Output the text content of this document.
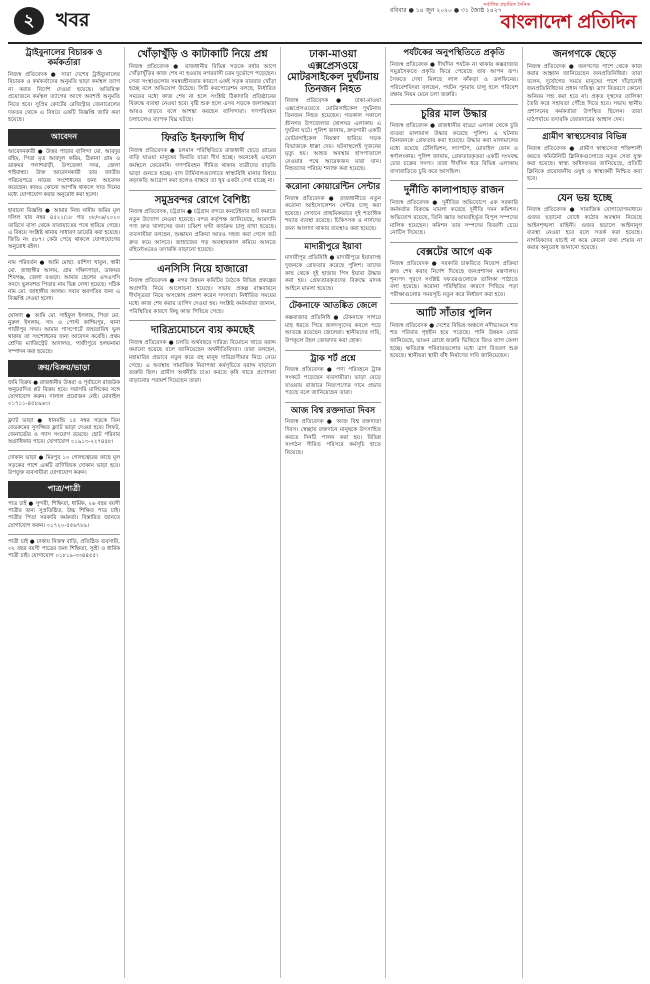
২	খবর	রবিবার ● ১৪ জুন ২০২০ ● ৩১ জ্যৈষ্ঠ ১৪২৭
সর্বাধিক প্রচারিত দৈনিক
বাংলাদেশ প্রতিদিন
ট্রাইবুনালের বিচারক ও কর্মকর্তারা

নিজস্ব প্রতিবেদক ● সারা দেশের ট্রাইব্যুনালের বিচারক ও কর্মকর্তাদের অনুমতি ছাড়া কর্মস্থল ত্যাগ না করার নির্দেশ দেওয়া হয়েছে। অতিরিক্ত প্রয়োজনে কর্মস্থল ত্যাগের আগে অবশ্যই অনুমতি নিতে হবে। সুপ্রিম কোর্টের রেজিস্ট্রার জেনারেলের দফতর থেকে এ বিষয়ে একটি বিজ্ঞপ্তি জারি করা হয়েছে।

আবেদন

আবেদনকারী ● উত্তর পাড়ার বাসিন্দা মো. আবদুর রহিম, পিতা মৃত আবদুল করিম, ঠিকানা গ্রাম ও ডাকঘর পলাশবাড়ী, উপজেলা সদর, জেলা গাইবান্ধা। উক্ত আবেদনকারী তার জাতীয় পরিচয়পত্রে নামের সংশোধনের জন্য আবেদন করেছেন। কারও কোনো আপত্তি থাকলে সাত দিনের মধ্যে যোগাযোগ করার অনুরোধ করা হলো।

হারানো বিজ্ঞপ্তি ● আমার নিজ নামীয় জমির মূল দলিল যার নম্বর ৪৫২১/১৮ গত ০৮/০৬/২০২০ তারিখে বাসা থেকে যাতায়াতের পথে হারিয়ে গেছে। এ বিষয়ে সংশ্লিষ্ট থানায় সাধারণ ডায়েরি করা হয়েছে। জিডি নং ৫৮৭। কেউ পেয়ে থাকলে যোগাযোগের অনুরোধ রইল।

নাম পরিবর্তন ● আমি মোছা. রাশিদা খাতুন, স্বামী মো. জাহাঙ্গীর আলম, গ্রাম দক্ষিণপাড়া, ডাকঘর শিবগঞ্জ, জেলা বগুড়া। আমার ছেলের এসএসসি সনদে ভুলবশত পিতার নাম ভিন্ন লেখা হয়েছে। সঠিক নাম মো. জাহাঙ্গীর আলম। সবার অবগতির জন্য এ বিজ্ঞপ্তি দেওয়া হলো।

ঘোষণা ● আমি মো. সাইফুল ইসলাম, পিতা মো. নুরুল ইসলাম, সাং ও পোস্ট কাশিমপুর, থানা গাজীপুর সদর। আমার পাসপোর্টে জন্মতারিখ ভুল থাকায় তা সংশোধনের জন্য আবেদন করেছি। প্রথম শ্রেণির ম্যাজিস্ট্রেট আদালত, গাজীপুরে হলফনামা সম্পাদন করা হয়েছে।

ক্রয়/বিক্রয়/ভাড়া

জমি বিক্রয় ● রাজধানীর উত্তরা ও পূর্বাচলে রাজউক অনুমোদিত প্লট বিক্রয় হবে। সরাসরি মালিকের সঙ্গে যোগাযোগ করুন। দালাল প্রয়োজন নেই। মোবাইল ০১৭১১-৪৫৮৯৬৩।

ফ্ল্যাট ভাড়া ● ধানমন্ডি ১৫ নম্বর সড়কে তিন বেডরুমের সুসজ্জিত ফ্ল্যাট ভাড়া দেওয়া হবে। লিফট, জেনারেটর ও গ্যাস সংযোগ রয়েছে। ছোট পরিবার অগ্রাধিকার পাবে। যোগাযোগ ০১৯১৩-২২৭৪৫৮।

দোকান ভাড়া ● মিরপুর ১০ গোলচত্বরের কাছে মূল সড়কের পাশে একটি বাণিজ্যিক দোকান ভাড়া হবে। উপযুক্ত ব্যবসায়ীরা যোগাযোগ করুন।

পাত্র/পাত্রী

পাত্র চাই ● সুন্দরী, শিক্ষিতা, ধার্মিক, ২৬ বছর বয়সী পাত্রীর জন্য সুপ্রতিষ্ঠিত, উচ্চ শিক্ষিত পাত্র চাই। পাত্রীর পিতা সরকারি কর্মকর্তা। বিস্তারিত জানতে যোগাযোগ করুন। ০১৭২০-৫৫৬৭৮৯।

পাত্রী চাই ● ঢাকায় নিজস্ব বাড়ি, প্রতিষ্ঠিত ব্যবসায়ী, ৩২ বছর বয়সী পাত্রের জন্য শিক্ষিতা, সুশ্রী ও ধার্মিক পাত্রী চাই। যোগাযোগ ০১৮১৯-৩৩৪৪৫৫।

খোঁড়াখুঁড়ি ও কাটাকাটি নিয়ে প্রশ্ন

নিজস্ব প্রতিবেদক ● রাজধানীর বিভিন্ন সড়কে বর্ষার আগে খোঁড়াখুঁড়ির কাজ শেষ না হওয়ায় নগরবাসী চরম দুর্ভোগে পড়েছেন। সেবা সংস্থাগুলোর সমন্বয়হীনতার কারণে একই সড়ক বারবার খোঁড়া হচ্ছে বলে অভিযোগ উঠেছে। সিটি করপোরেশন বলছে, নির্ধারিত সময়ের মধ্যে কাজ শেষ না হলে সংশ্লিষ্ট ঠিকাদারি প্রতিষ্ঠানের বিরুদ্ধে ব্যবস্থা নেওয়া হবে। বৃষ্টি শুরু হলে এসব সড়কে জলাবদ্ধতা আরও বাড়বে বলে আশঙ্কা করছেন বাসিন্দারা। গণপরিবহন চলাচলেও ব্যাপক বিঘ্ন ঘটছে।

ফিরতি ইনফ্যান্সি দীর্ঘ

নিজস্ব প্রতিবেদক ● চলমান পরিস্থিতিতে রাজধানী ছেড়ে গ্রামের বাড়ি যাওয়া মানুষের ফিরতি যাত্রা দীর্ঘ হচ্ছে। অনেকেই এখনো কর্মস্থলে ফেরেননি। গণপরিবহন সীমিত থাকায় যাত্রীদের বাড়তি ভাড়া গুনতে হচ্ছে। বাস টার্মিনালগুলোতে স্বাস্থ্যবিধি মানার বিষয়ে কড়াকড়ি আরোপ করা হলেও বাস্তবে তা খুব একটা দেখা যাচ্ছে না।

সমুদ্রবন্দর রোগে বৈশিষ্ট্য

নিজস্ব প্রতিবেদক, চট্টগ্রাম ● চট্টগ্রাম বন্দরে কনটেইনার জট কমাতে নতুন উদ্যোগ নেওয়া হয়েছে। বন্দর কর্তৃপক্ষ জানিয়েছে, আমদানি পণ্য দ্রুত খালাসের জন্য চব্বিশ ঘণ্টা কার্যক্রম চালু রাখা হয়েছে। ব্যবসায়ীরা বলছেন, শুল্কায়ন প্রক্রিয়া আরও সহজ করা গেলে জট দ্রুত কমে আসবে। জাহাজের গড় অবস্থানকাল কমিয়ে আনতে বহির্নোঙরেও তদারকি বাড়ানো হয়েছে।

এনসিসি নিয়ে হাজারো

নিজস্ব প্রতিবেদক ● নগর উন্নয়ন কমিটির বৈঠকে বিভিন্ন প্রকল্পের অগ্রগতি নিয়ে আলোচনা হয়েছে। সভায় প্রকল্প বাস্তবায়নে দীর্ঘসূত্রতা নিয়ে অসন্তোষ প্রকাশ করেন সদস্যরা। নির্ধারিত সময়ের মধ্যে কাজ শেষ করার তাগিদ দেওয়া হয়। সংশ্লিষ্ট কর্মকর্তারা জানান, পরিস্থিতির কারণে কিছু কাজ পিছিয়ে গেছে।

দারিদ্র্যমোচনে ব্যয় কমছেই

নিজস্ব প্রতিবেদক ● চলতি অর্থবছরে দারিদ্র্য বিমোচন খাতে বরাদ্দ কমানো হয়েছে বলে জানিয়েছেন অর্থনীতিবিদরা। তারা বলছেন, মহামারির প্রভাবে নতুন করে বহু মানুষ দারিদ্র্যসীমার নিচে নেমে গেছে। এ অবস্থায় সামাজিক নিরাপত্তা কর্মসূচিতে বরাদ্দ বাড়ানো জরুরি ছিল। গ্রামীণ অর্থনীতি চাঙা করতে কৃষি খাতে প্রণোদনা বাড়ানোর পরামর্শ দিয়েছেন তারা।

ঢাকা-মাওয়া এক্সপ্রেসওয়ে মোটরসাইকেল দুর্ঘটনায় তিনজন নিহত

নিজস্ব প্রতিবেদক ● ঢাকা-মাওয়া এক্সপ্রেসওয়েতে মোটরসাইকেল দুর্ঘটনায় তিনজন নিহত হয়েছেন। গতকাল সকালে শ্রীনগর উপজেলার ষোলঘর এলাকায় এ দুর্ঘটনা ঘটে। পুলিশ জানায়, দ্রুতগামী একটি মোটরসাইকেল নিয়ন্ত্রণ হারিয়ে সড়ক বিভাজকে ধাক্কা দেয়। ঘটনাস্থলেই দুজনের মৃত্যু হয়। আহত অবস্থায় হাসপাতালে নেওয়ার পথে আরেকজন মারা যান। নিহতদের পরিচয় শনাক্ত করা হয়েছে।

করোনা কোয়ারেন্টিন সেন্টার

নিজস্ব প্রতিবেদক ● রাজধানীতে নতুন করোনা আইসোলেশন সেন্টার চালু করা হয়েছে। সেখানে প্রাথমিকভাবে দুই শতাধিক শয্যার ব্যবস্থা রয়েছে। চিকিৎসক ও নার্সদের জন্য আলাদা থাকার ব্যবস্থাও করা হয়েছে।

মাদারীপুরে ইয়াবা

মাদারীপুর প্রতিনিধি ● মাদারীপুরে ইয়াবাসহ দুজনকে গ্রেফতার করেছে পুলিশ। তাদের কাছ থেকে দুই হাজার পিস ইয়াবা উদ্ধার করা হয়। গ্রেফতারকৃতদের বিরুদ্ধে মাদক আইনে মামলা হয়েছে।

টেকনাফে আতঙ্কিত জেলে

কক্সবাজার প্রতিনিধি ● টেকনাফে সাগরে মাছ ধরতে গিয়ে জলদস্যুদের কবলে পড়ে আতঙ্কে রয়েছেন জেলেরা। স্থানীয়দের দাবি, উপকূলে টহল জোরদার করা হোক।

ট্রাক শর্ট প্রশ্নে

নিজস্ব প্রতিবেদক ● পণ্য পরিবহনে ট্রাক সংকটে পড়েছেন ব্যবসায়ীরা। ভাড়া বেড়ে যাওয়ায় বাজারে নিত্যপণ্যের দামে প্রভাব পড়ছে বলে জানিয়েছেন তারা।

আজ বিশ্ব রক্তদাতা দিবস

নিজস্ব প্রতিবেদক ● আজ বিশ্ব রক্তদাতা দিবস। স্বেচ্ছায় রক্তদানে মানুষকে উৎসাহিত করতে দিনটি পালন করা হয়। বিভিন্ন সংগঠন সীমিত পরিসরে কর্মসূচি হাতে নিয়েছে।

পর্যটকের অনুপস্থিতিতে প্রকৃতি

নিজস্ব প্রতিবেদক ● দীর্ঘদিন পর্যটক না থাকায় কক্সবাজার সমুদ্রসৈকতে প্রকৃতি ফিরে পেয়েছে তার আপন রূপ। সৈকতে দেখা মিলছে লাল কাঁকড়া ও ডলফিনের। পরিবেশবিদরা বলছেন, পর্যটন পুনরায় চালু হলে পরিবেশ রক্ষায় নিয়ম মেনে চলা জরুরি।

চুরির মাল উদ্ধার

নিজস্ব প্রতিবেদক ● রাজধানীর বাড্ডা এলাকা থেকে চুরি যাওয়া মালামাল উদ্ধার করেছে পুলিশ। এ ঘটনায় তিনজনকে গ্রেফতার করা হয়েছে। উদ্ধার করা মালামালের মধ্যে রয়েছে টেলিভিশন, ল্যাপটপ, মোবাইল ফোন ও স্বর্ণালংকার। পুলিশ জানায়, গ্রেফতারকৃতরা একটি সংঘবদ্ধ চোর চক্রের সদস্য। তারা দীর্ঘদিন ধরে বিভিন্ন এলাকায় বাসাবাড়িতে চুরি করে আসছিল।

দুর্নীতি কালাপাহাড় রাজন

নিজস্ব প্রতিবেদক ● দুর্নীতির অভিযোগে এক সরকারি কর্মকর্তার বিরুদ্ধে মামলা করেছে দুর্নীতি দমন কমিশন। অভিযোগ রয়েছে, তিনি জ্ঞাত আয়বহির্ভূত বিপুল সম্পদের মালিক হয়েছেন। কমিশন তার সম্পদের বিবরণী চেয়ে নোটিস দিয়েছে।

বেক্সটের আগে এক

নিজস্ব প্রতিবেদক ● সরকারি চাকরিতে নিয়োগ প্রক্রিয়া দ্রুত শেষ করার নির্দেশ দিয়েছে জনপ্রশাসন মন্ত্রণালয়। শূন্যপদ পূরণে সংশ্লিষ্ট দফতরগুলোকে তালিকা পাঠাতে বলা হয়েছে। করোনা পরিস্থিতির কারণে পিছিয়ে পড়া পরীক্ষাগুলোর সময়সূচি নতুন করে নির্ধারণ করা হবে।

আটি সাঁতার পুলিন

নিজস্ব প্রতিবেদক ● দেশের বিভিন্ন অঞ্চলে নদীভাঙনে শত শত পরিবার গৃহহীন হয়ে পড়েছে। পানি উন্নয়ন বোর্ড জানিয়েছে, ভাঙন রোধে জরুরি ভিত্তিতে জিও ব্যাগ ফেলা হচ্ছে। ক্ষতিগ্রস্ত পরিবারগুলোর মধ্যে ত্রাণ বিতরণ শুরু হয়েছে। স্থানীয়রা স্থায়ী বাঁধ নির্মাণের দাবি জানিয়েছেন।

জনগণকে ছেড়ে

নিজস্ব প্রতিবেদক ● জনগণের পাশে থেকে কাজ করার আহ্বান জানিয়েছেন জনপ্রতিনিধিরা। তারা বলেন, দুর্যোগের সময়ে মানুষের পাশে দাঁড়ানোই জনপ্রতিনিধিদের প্রধান দায়িত্ব। ত্রাণ বিতরণে কোনো অনিয়ম সহ্য করা হবে না। প্রকৃত দুস্থদের তালিকা তৈরি করে সহায়তা পৌঁছে দিতে হবে। সভায় স্থানীয় প্রশাসনের কর্মকর্তারা উপস্থিত ছিলেন। তারা মাঠপর্যায়ে তদারকি জোরদারের আশ্বাস দেন।

গ্রামীণ স্বাস্থ্যসেবার বিভিন্ন

নিজস্ব প্রতিবেদক ● গ্রামীণ স্বাস্থ্যসেবা শক্তিশালী করতে কমিউনিটি ক্লিনিকগুলোতে নতুন সেবা যুক্ত করা হয়েছে। স্বাস্থ্য অধিদফতর জানিয়েছে, প্রতিটি ক্লিনিকে প্রয়োজনীয় ওষুধ ও স্বাস্থ্যকর্মী নিশ্চিত করা হবে।

যেন ভয় হচ্ছে

নিজস্ব প্রতিবেদক ● সামাজিক যোগাযোগমাধ্যমে গুজব ছড়ানো রোধে কঠোর অবস্থান নিয়েছে আইনশৃঙ্খলা বাহিনী। গুজব ছড়ালে আইনানুগ ব্যবস্থা নেওয়া হবে বলে সতর্ক করা হয়েছে। নাগরিকদের যাচাই না করে কোনো তথ্য শেয়ার না করার অনুরোধ জানানো হয়েছে।
